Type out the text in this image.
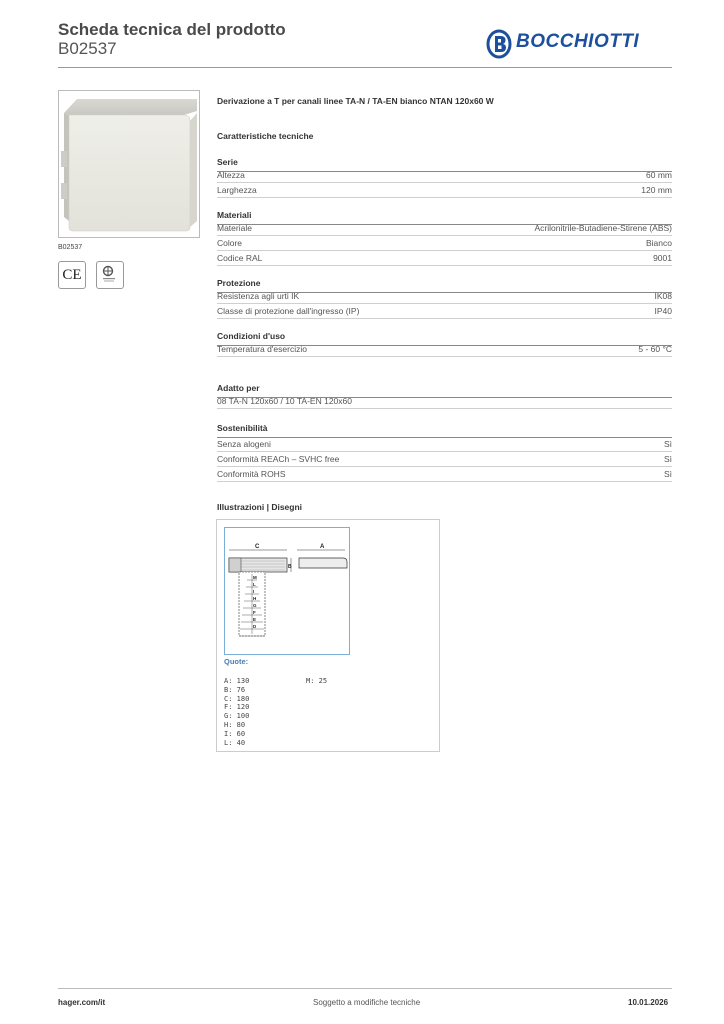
Scheda tecnica del prodotto
B02537	BOCCHIOTTI
B02537
CE
Derivazione a T per canali linee TA-N / TA-EN bianco NTAN 120x60 W
Caratteristiche tecniche
Serie
Altezza	60 mm
Larghezza	120 mm
Materiali
Materiale	Acrilonitrile-Butadiene-Stirene (ABS)
Colore	Bianco
Codice RAL	9001
Protezione
Resistenza agli urti IK	IK08
Classe di protezione dall'ingresso (IP)	IP40
Condizioni d'uso
Temperatura d'esercizio	5 - 60 °C
Adatto per
08 TA-N 120x60 / 10 TA-EN 120x60
Sostenibilità
Senza alogeni	Sì
Conformità REACh – SVHC free	Sì
Conformità ROHS	Sì
Illustrazioni | Disegni
C	A
B
M
L
I
H
G
F
E
D
Quote:
A: 130
B: 76
C: 180
F: 120
G: 100
H: 80
I: 60
L: 40
M: 25
hager.com/it	Soggetto a modifiche tecniche	10.01.2026
